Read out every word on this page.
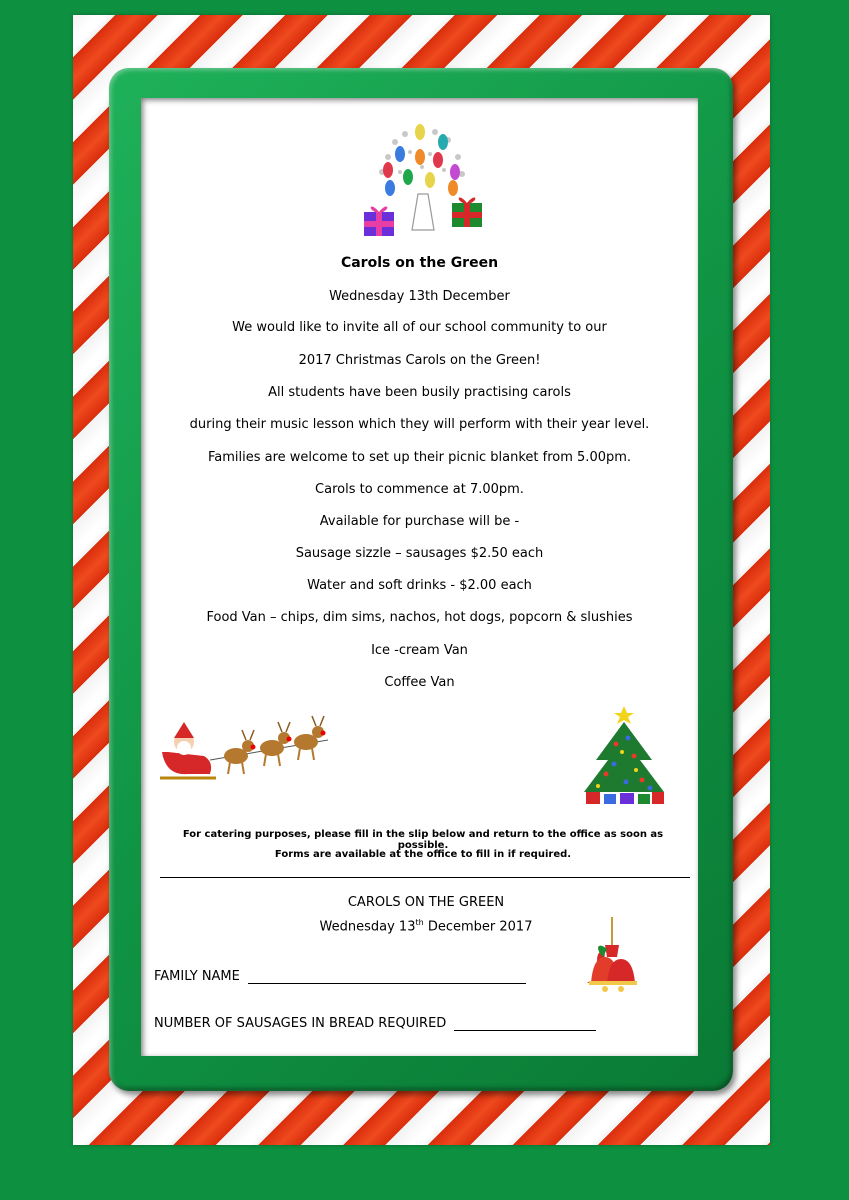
Carols on the Green
Wednesday 13th December
We would like to invite all of our school community to our
2017 Christmas Carols on the Green!
All students have been busily practising carols
during their music lesson which they will perform with their year level.
Families are welcome to set up their picnic blanket from 5.00pm.
Carols to commence at 7.00pm.
Available for purchase will be -
Sausage sizzle – sausages $2.50 each
Water and soft drinks - $2.00 each
Food Van – chips, dim sims, nachos, hot dogs, popcorn & slushies
Ice -cream Van
Coffee Van
For catering purposes, please fill in the slip below and return to the office as soon as possible.
Forms are available at the office to fill in if required.
CAROLS ON THE GREEN
Wednesday 13th December 2017
FAMILY NAME
NUMBER OF SAUSAGES IN BREAD REQUIRED
